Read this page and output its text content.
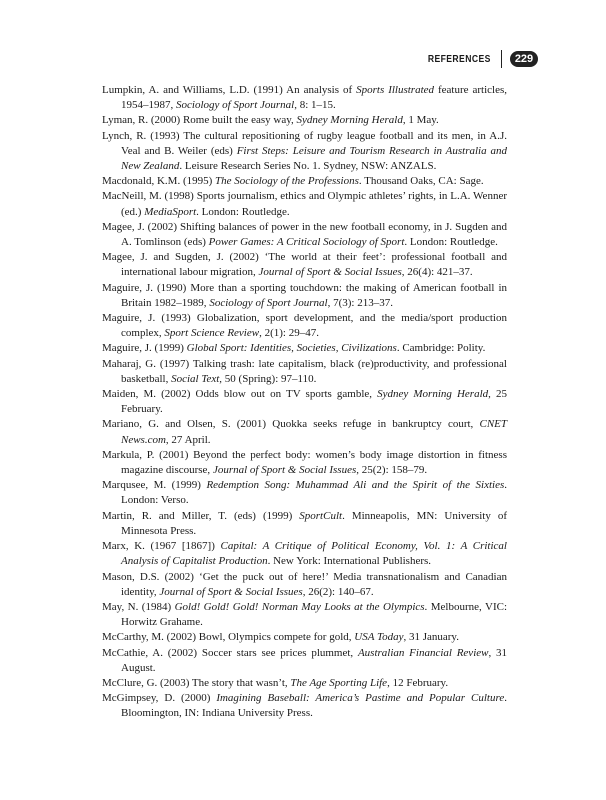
REFERENCES	229

Lumpkin, A. and Williams, L.D. (1991) An analysis of Sports Illustrated feature articles, 1954–1987, Sociology of Sport Journal, 8: 1–15.

Lyman, R. (2000) Rome built the easy way, Sydney Morning Herald, 1 May.

Lynch, R. (1993) The cultural repositioning of rugby league football and its men, in A.J. Veal and B. Weiler (eds) First Steps: Leisure and Tourism Research in Australia and New Zealand. Leisure Research Series No. 1. Sydney, NSW: ANZALS.

Macdonald, K.M. (1995) The Sociology of the Professions. Thousand Oaks, CA: Sage.

MacNeill, M. (1998) Sports journalism, ethics and Olympic athletes’ rights, in L.A. Wenner (ed.) MediaSport. London: Routledge.

Magee, J. (2002) Shifting balances of power in the new football economy, in J. Sugden and A. Tomlinson (eds) Power Games: A Critical Sociology of Sport. London: Routledge.

Magee, J. and Sugden, J. (2002) ‘The world at their feet’: professional football and international labour migration, Journal of Sport & Social Issues, 26(4): 421–37.

Maguire, J. (1990) More than a sporting touchdown: the making of American football in Britain 1982–1989, Sociology of Sport Journal, 7(3): 213–37.

Maguire, J. (1993) Globalization, sport development, and the media/sport production complex, Sport Science Review, 2(1): 29–47.

Maguire, J. (1999) Global Sport: Identities, Societies, Civilizations. Cambridge: Polity.

Maharaj, G. (1997) Talking trash: late capitalism, black (re)productivity, and professional basketball, Social Text, 50 (Spring): 97–110.

Maiden, M. (2002) Odds blow out on TV sports gamble, Sydney Morning Herald, 25 February.

Mariano, G. and Olsen, S. (2001) Quokka seeks refuge in bankruptcy court, CNET News.com, 27 April.

Markula, P. (2001) Beyond the perfect body: women’s body image distortion in fitness magazine discourse, Journal of Sport & Social Issues, 25(2): 158–79.

Marqusee, M. (1999) Redemption Song: Muhammad Ali and the Spirit of the Sixties. London: Verso.

Martin, R. and Miller, T. (eds) (1999) SportCult. Minneapolis, MN: University of Minnesota Press.

Marx, K. (1967 [1867]) Capital: A Critique of Political Economy, Vol. 1: A Critical Analysis of Capitalist Production. New York: International Publishers.

Mason, D.S. (2002) ‘Get the puck out of here!’ Media transnationalism and Canadian identity, Journal of Sport & Social Issues, 26(2): 140–67.

May, N. (1984) Gold! Gold! Gold! Norman May Looks at the Olympics. Melbourne, VIC: Horwitz Grahame.

McCarthy, M. (2002) Bowl, Olympics compete for gold, USA Today, 31 January.

McCathie, A. (2002) Soccer stars see prices plummet, Australian Financial Review, 31 August.

McClure, G. (2003) The story that wasn’t, The Age Sporting Life, 12 February.

McGimpsey, D. (2000) Imagining Baseball: America’s Pastime and Popular Culture. Bloomington, IN: Indiana University Press.
